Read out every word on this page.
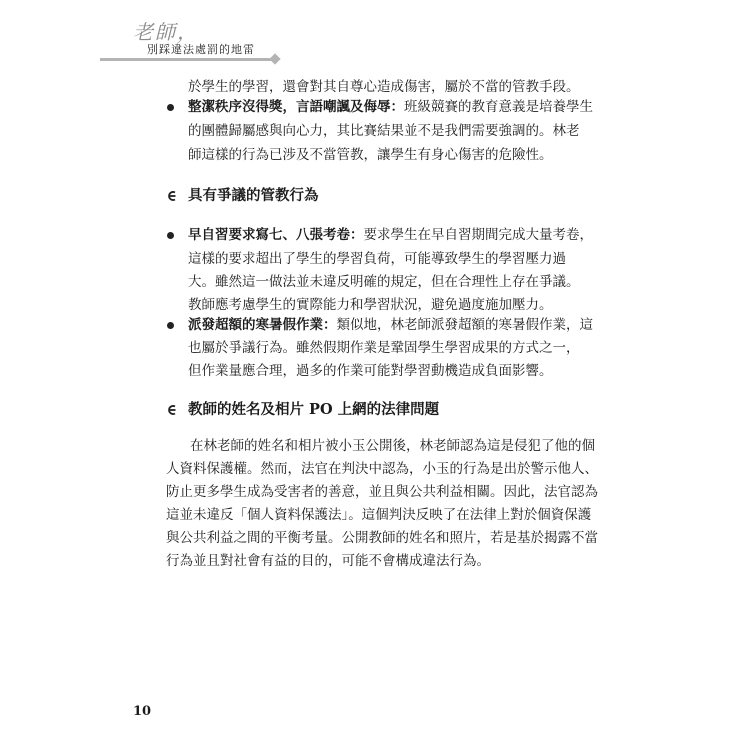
老師，
別踩違法處罰的地雷
於學生的學習，還會對其自尊心造成傷害，屬於不當的管教手段。
整潔秩序沒得獎，言語嘲諷及侮辱：班級競賽的教育意義是培養學生
的團體歸屬感與向心力，其比賽結果並不是我們需要強調的。林老
師這樣的行為已涉及不當管教，讓學生有身心傷害的危險性。
具有爭議的管教行為
早自習要求寫七、八張考卷：要求學生在早自習期間完成大量考卷，
這樣的要求超出了學生的學習負荷，可能導致學生的學習壓力過
大。雖然這一做法並未違反明確的規定，但在合理性上存在爭議。
教師應考慮學生的實際能力和學習狀況，避免過度施加壓力。
派發超額的寒暑假作業：類似地，林老師派發超額的寒暑假作業，這
也屬於爭議行為。雖然假期作業是鞏固學生學習成果的方式之一，
但作業量應合理，過多的作業可能對學習動機造成負面影響。
教師的姓名及相片 PO 上網的法律問題
在林老師的姓名和相片被小玉公開後，林老師認為這是侵犯了他的個
人資料保護權。然而，法官在判決中認為，小玉的行為是出於警示他人、
防止更多學生成為受害者的善意，並且與公共利益相關。因此，法官認為
這並未違反「個人資料保護法」。這個判決反映了在法律上對於個資保護
與公共利益之間的平衡考量。公開教師的姓名和照片，若是基於揭露不當
行為並且對社會有益的目的，可能不會構成違法行為。
10
